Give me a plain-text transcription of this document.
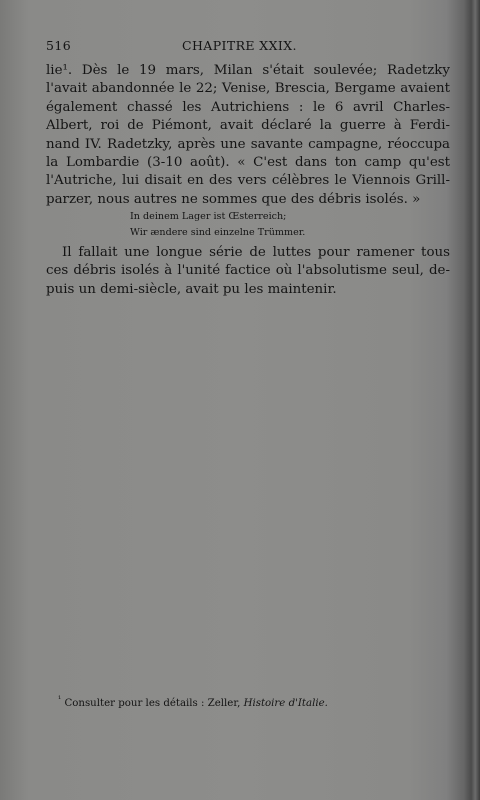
516	CHAPITRE XXIX.
lie¹. Dès le 19 mars, Milan s'était soulevée; Radetzky
l'avait abandonnée le 22; Venise, Brescia, Bergame avaient
également chassé les Autrichiens : le 6 avril Charles-
Albert, roi de Piémont, avait déclaré la guerre à Ferdi-
nand IV. Radetzky, après une savante campagne, réoccupa
la Lombardie (3-10 août). « C'est dans ton camp qu'est
l'Autriche, lui disait en des vers célèbres le Viennois Grill-
parzer, nous autres ne sommes que des débris isolés. »
In deinem Lager ist Œsterreich;
Wir ændere sind einzelne Trümmer.
Il fallait une longue série de luttes pour ramener tous
ces débris isolés à l'unité factice où l'absolutisme seul, de-
puis un demi-siècle, avait pu les maintenir.
$^{^1}$ Consulter pour les détails : Zeller, Histoire d'Italie.
